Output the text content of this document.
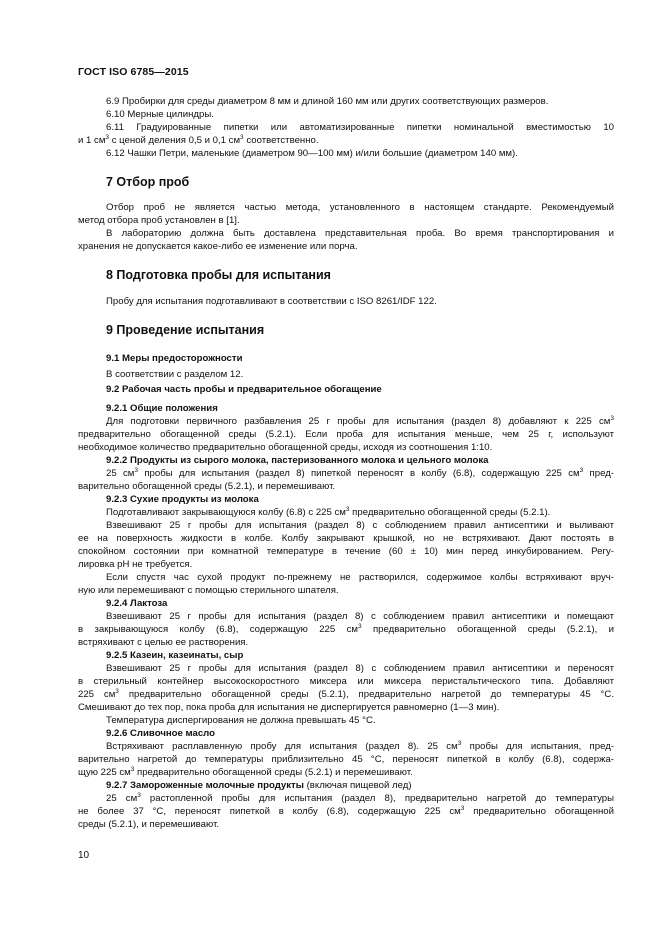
ГОСТ ISO 6785—2015
6.9 Пробирки для среды диаметром 8 мм и длиной 160 мм или других соответствующих размеров.
6.10 Мерные цилиндры.
6.11 Градуированные пипетки или автоматизированные пипетки номинальной вместимостью 10
и 1 $см^3$ с ценой деления 0,5 и 0,1 $см^3$ соответственно.
6.12 Чашки Петри, маленькие (диаметром 90—100 мм) и/или большие (диаметром 140 мм).
7 Отбор проб
Отбор проб не является частью метода, установленного в настоящем стандарте. Рекомендуемый
метод отбора проб установлен в [1].
В лабораторию должна быть доставлена представительная проба. Во время транспортирования и
хранения не допускается какое-либо ее изменение или порча.
8 Подготовка пробы для испытания
Пробу для испытания подготавливают в соответствии с ISO 8261/IDF 122.
9 Проведение испытания
9.1 Меры предосторожности
В соответствии с разделом 12.
9.2 Рабочая часть пробы и предварительное обогащение
9.2.1 Общие положения
Для подготовки первичного разбавления 25 г пробы для испытания (раздел 8) добавляют к 225 $см^3$
предварительно обогащенной среды (5.2.1). Если проба для испытания меньше, чем 25 г, используют
необходимое количество предварительно обогащенной среды, исходя из соотношения 1:10.
9.2.2 Продукты из сырого молока, пастеризованного молока и цельного молока
25 $см^3$ пробы для испытания (раздел 8) пипеткой переносят в колбу (6.8), содержащую 225 $см^3$ пред-
варительно обогащенной среды (5.2.1), и перемешивают.
9.2.3 Сухие продукты из молока
Подготавливают закрывающуюся колбу (6.8) с 225 $см^3$ предварительно обогащенной среды (5.2.1).
Взвешивают 25 г пробы для испытания (раздел 8) с соблюдением правил антисептики и выливают
ее на поверхность жидкости в колбе. Колбу закрывают крышкой, но не встряхивают. Дают постоять в
спокойном состоянии при комнатной температуре в течение (60 ± 10) мин перед инкубированием. Регу-
лировка рН не требуется.
Если спустя час сухой продукт по-прежнему не растворился, содержимое колбы встряхивают вруч-
ную или перемешивают с помощью стерильного шпателя.
9.2.4 Лактоза
Взвешивают 25 г пробы для испытания (раздел 8) с соблюдением правил антисептики и помещают
в закрывающуюся колбу (6.8), содержащую 225 $см^3$ предварительно обогащенной среды (5.2.1), и
встряхивают с целью ее растворения.
9.2.5 Казеин, казеинаты, сыр
Взвешивают 25 г пробы для испытания (раздел 8) с соблюдением правил антисептики и переносят
в стерильный контейнер высокоскоростного миксера или миксера перистальтического типа. Добавляют
225 $см^3$ предварительно обогащенной среды (5.2.1), предварительно нагретой до температуры 45 °C.
Смешивают до тех пор, пока проба для испытания не диспергируется равномерно (1—3 мин).
Температура диспергирования не должна превышать 45 °C.
9.2.6 Сливочное масло
Встряхивают расплавленную пробу для испытания (раздел 8). 25 $см^3$ пробы для испытания, пред-
варительно нагретой до температуры приблизительно 45 °C, переносят пипеткой в колбу (6.8), содержа-
щую 225 $см^3$ предварительно обогащенной среды (5.2.1) и перемешивают.
9.2.7 Замороженные молочные продукты (включая пищевой лед)
25 $см^3$ растопленной пробы для испытания (раздел 8), предварительно нагретой до температуры
не более 37 °C, переносят пипеткой в колбу (6.8), содержащую 225 $см^3$ предварительно обогащенной
среды (5.2.1), и перемешивают.
10
